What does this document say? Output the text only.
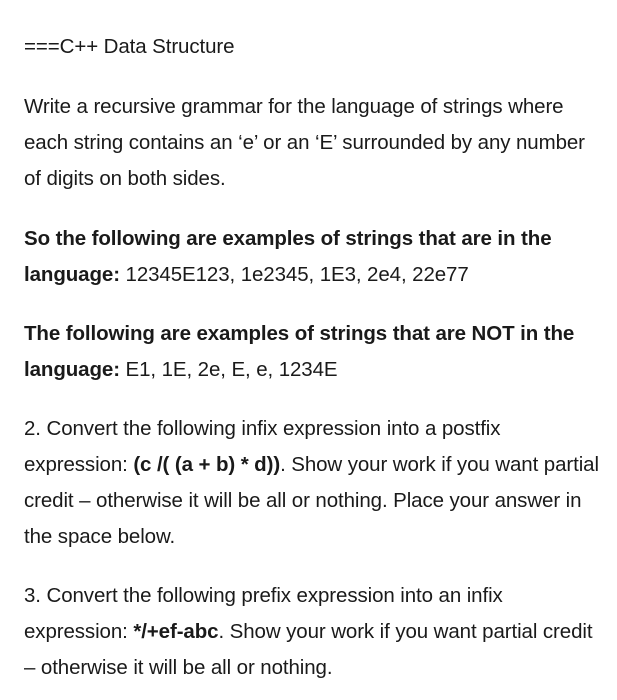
===C++ Data Structure

Write a recursive grammar for the language of strings where each string contains an ‘e’ or an ‘E’ surrounded by any number of digits on both sides.

So the following are examples of strings that are in the language: 12345E123, 1e2345, 1E3, 2e4, 22e77

The following are examples of strings that are NOT in the language: E1, 1E, 2e, E, e, 1234E

2. Convert the following infix expression into a postfix expression: (c /( (a + b) * d)). Show your work if you want partial credit – otherwise it will be all or nothing. Place your answer in the space below.

3. Convert the following prefix expression into an infix expression: */+ef-abc. Show your work if you want partial credit – otherwise it will be all or nothing.
